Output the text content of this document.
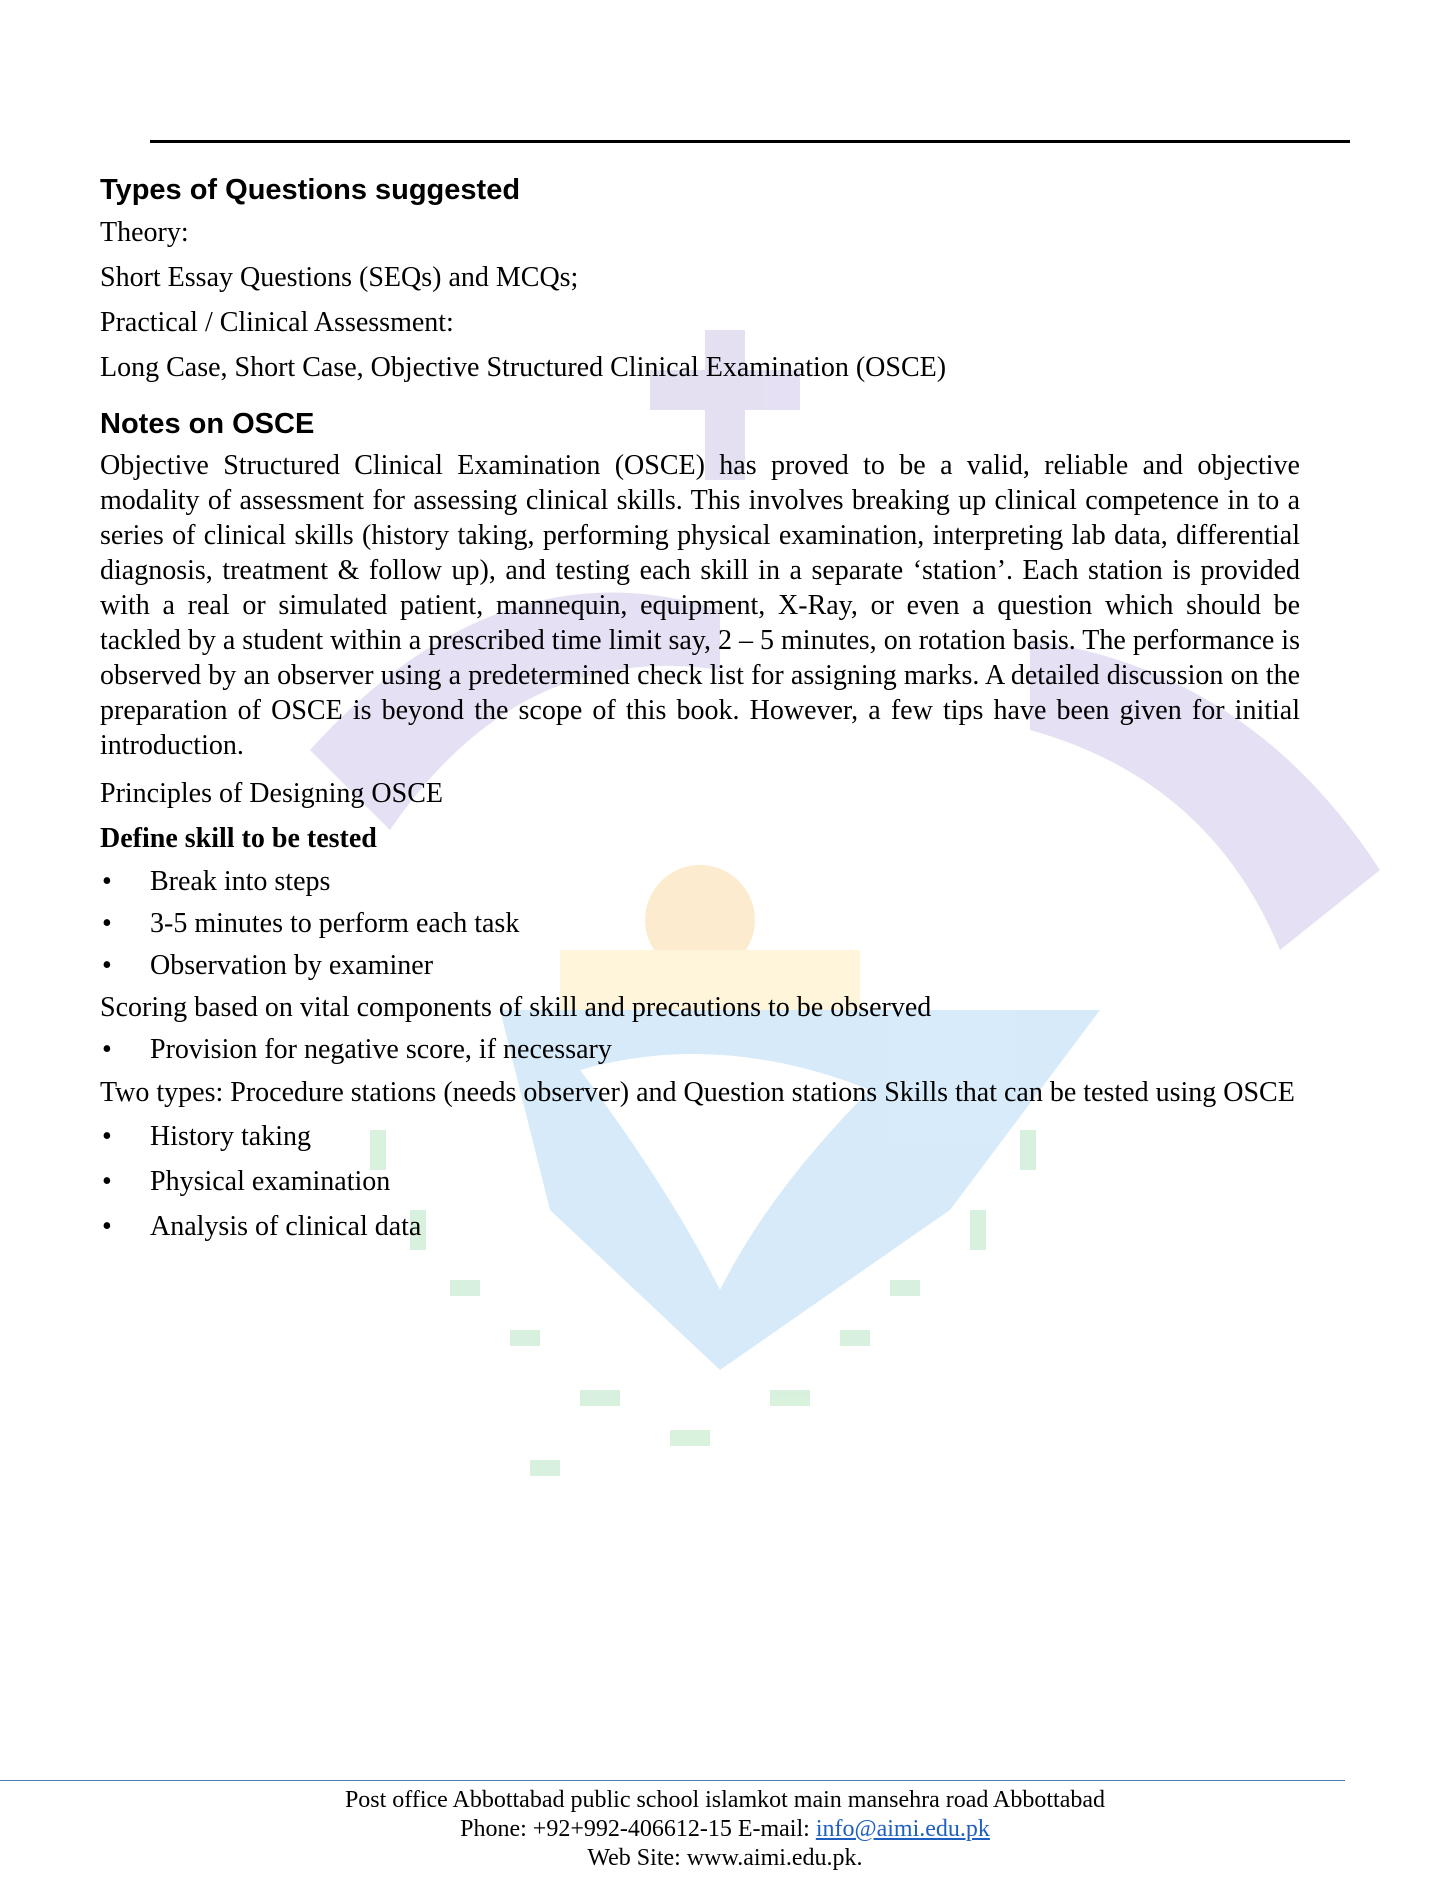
Types of Questions suggested

Theory:

Short Essay Questions (SEQs) and MCQs;

Practical / Clinical Assessment:

Long Case, Short Case, Objective Structured Clinical Examination (OSCE)

Notes on OSCE

Objective Structured Clinical Examination (OSCE) has proved to be a valid, reliable and objective modality of assessment for assessing clinical skills. This involves breaking up clinical competence in to a series of clinical skills (history taking, performing physical examination, interpreting lab data, differential diagnosis, treatment & follow up), and testing each skill in a separate ‘station’. Each station is provided with a real or simulated patient, mannequin, equipment, X-Ray, or even a question which should be tackled by a student within a prescribed time limit say, 2 – 5 minutes, on rotation basis. The performance is observed by an observer using a predetermined check list for assigning marks. A detailed discussion on the preparation of OSCE is beyond the scope of this book. However, a few tips have been given for initial introduction.

Principles of Designing OSCE

Define skill to be tested

• Break into steps
• 3-5 minutes to perform each task
• Observation by examiner

Scoring based on vital components of skill and precautions to be observed

• Provision for negative score, if necessary

Two types: Procedure stations (needs observer) and Question stations Skills that can be tested using OSCE

• History taking
• Physical examination
• Analysis of clinical data
Post office Abbottabad public school islamkot main mansehra road Abbottabad
Phone: +92+992-406612-15 E-mail: info@aimi.edu.pk
Web Site: www.aimi.edu.pk.
